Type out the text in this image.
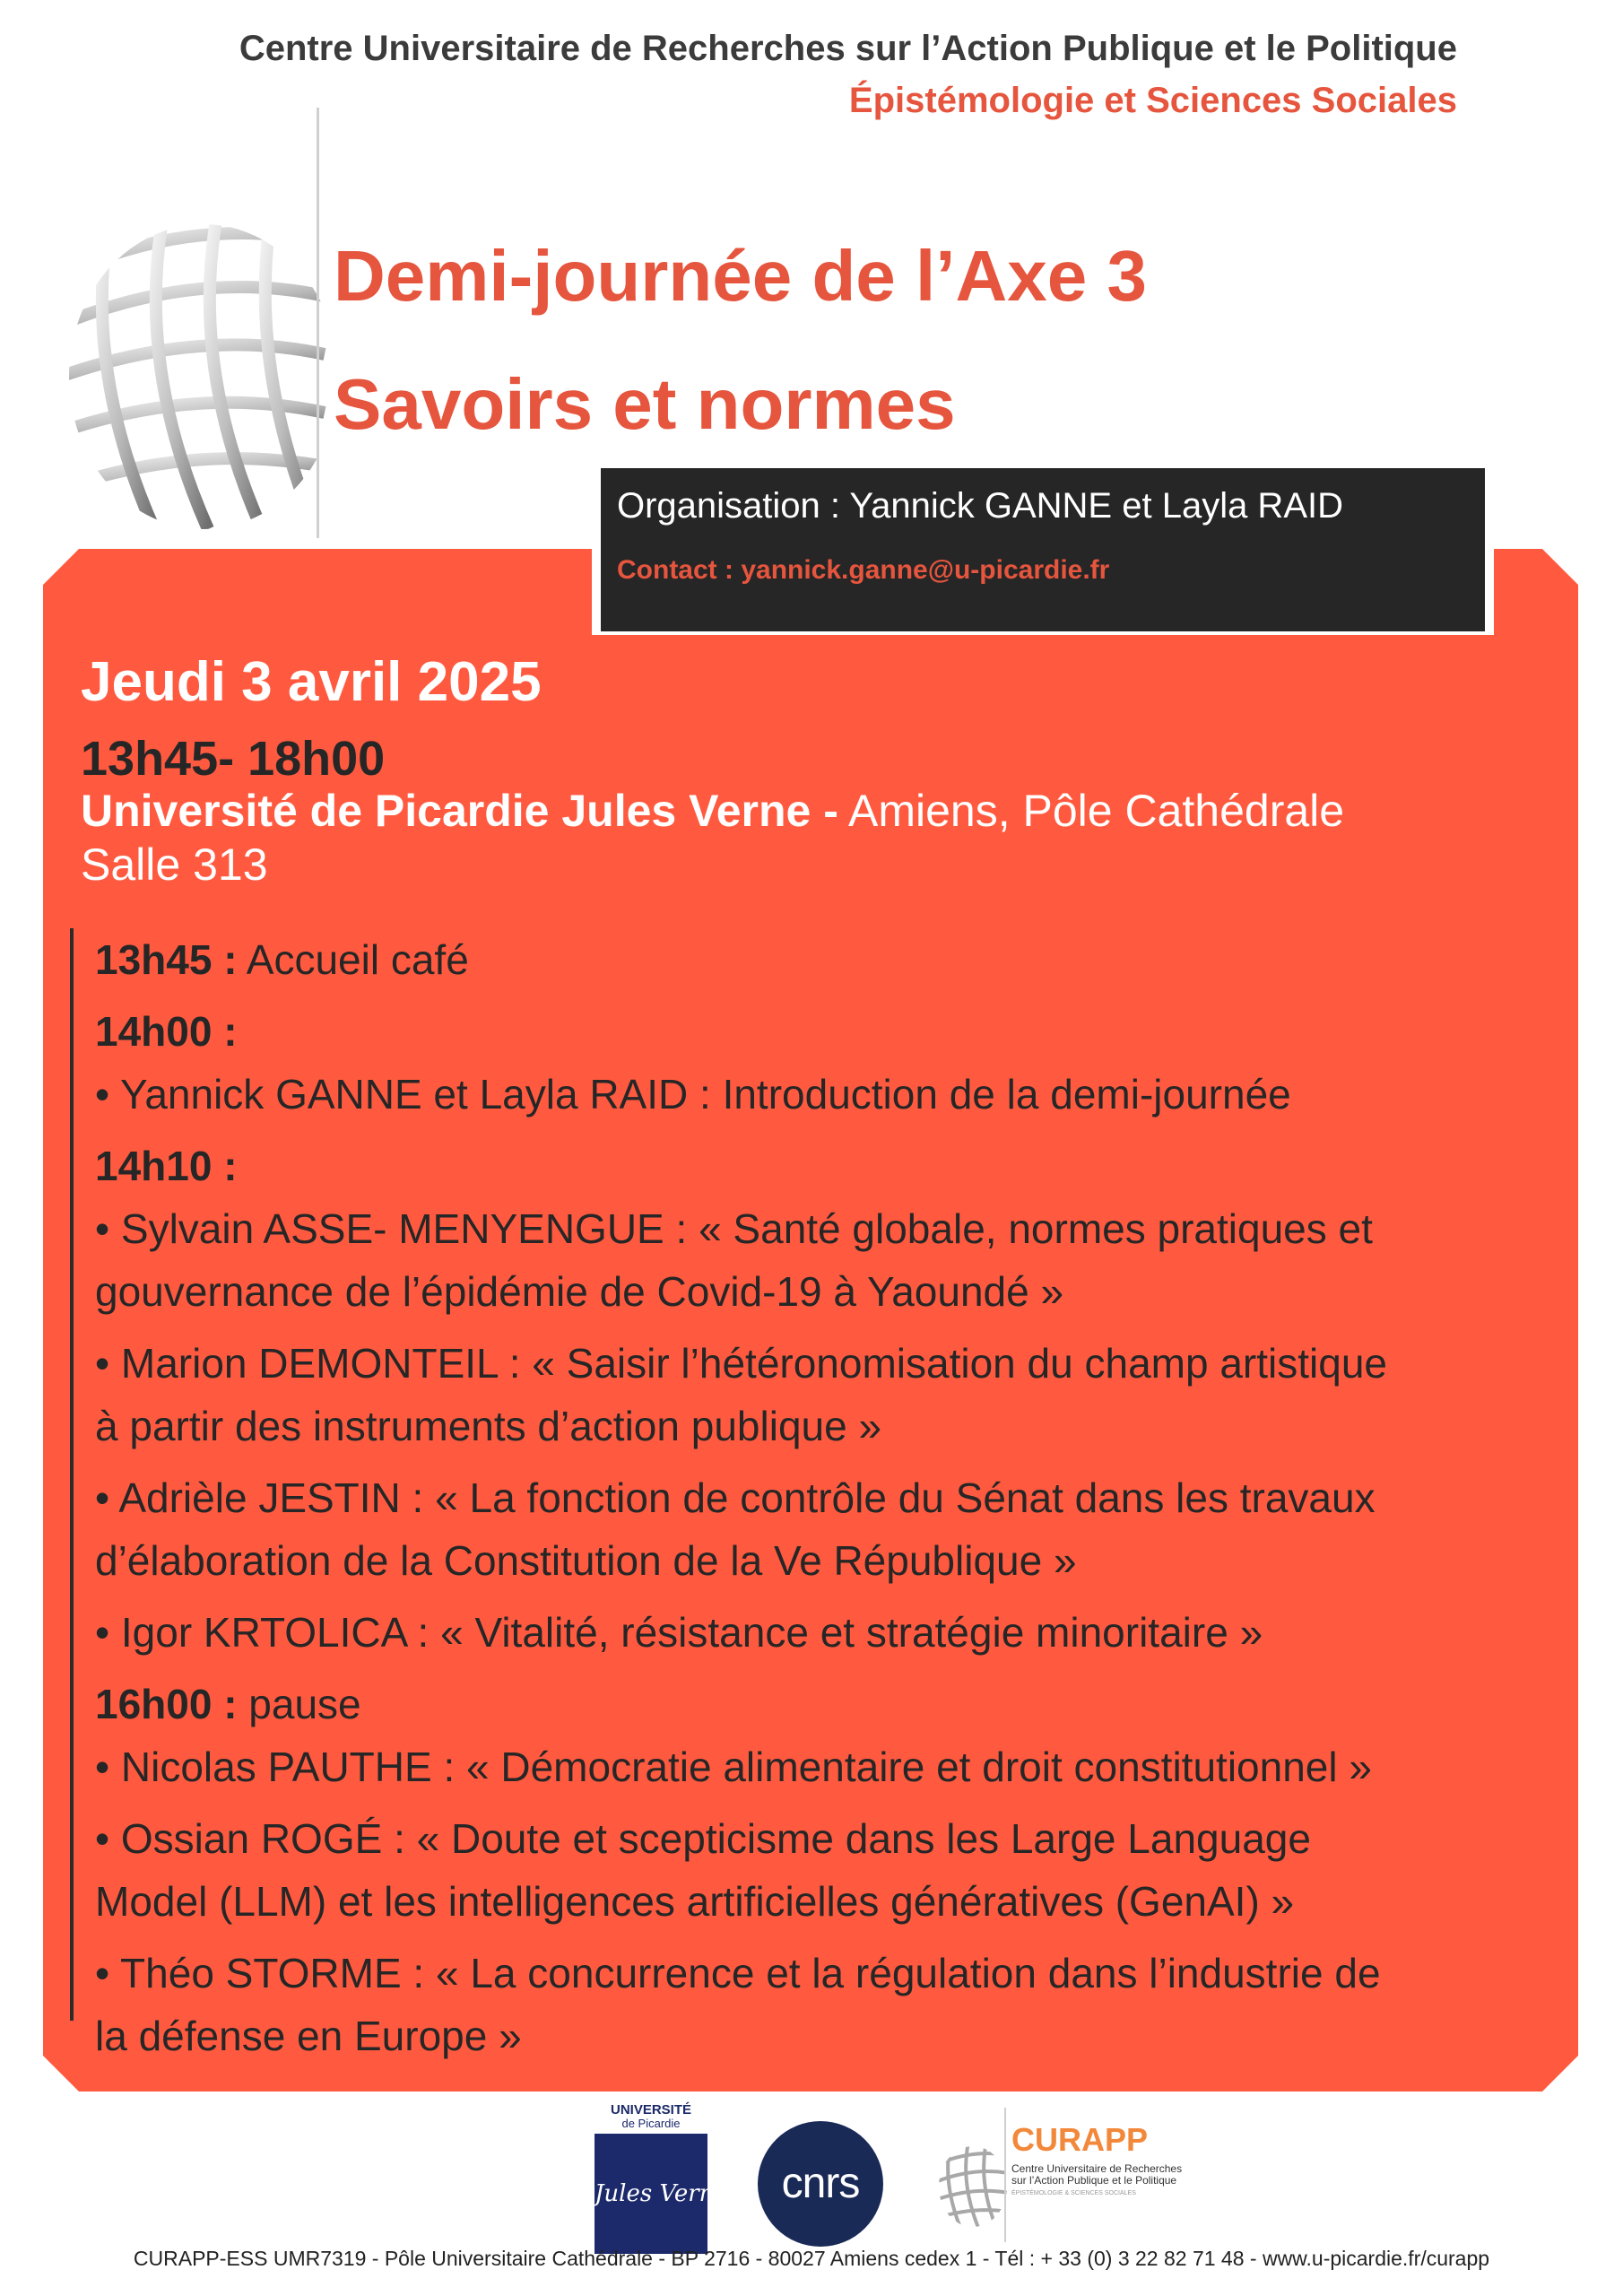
Centre Universitaire de Recherches sur l’Action Publique et le Politique
Épistémologie et Sciences Sociales
Demi-journée de l’Axe 3
Savoirs et normes
Organisation : Yannick GANNE et Layla RAID
Contact : yannick.ganne@u-picardie.fr
Jeudi 3 avril 2025
13h45- 18h00
Université de Picardie Jules Verne - Amiens, Pôle Cathédrale
Salle 313
13h45 : Accueil café
14h00 :
• Yannick GANNE et Layla RAID : Introduction de la demi-journée
14h10 :
• Sylvain ASSE- MENYENGUE : « Santé globale, normes pratiques et
gouvernance de l’épidémie de Covid-19 à Yaoundé »
• Marion DEMONTEIL : « Saisir l’hétéronomisation du champ artistique
à partir des instruments d’action publique »
• Adrièle JESTIN : « La fonction de contrôle du Sénat dans les travaux
d’élaboration de la Constitution de la Ve République »
• Igor KRTOLICA : « Vitalité, résistance et stratégie minoritaire »
16h00 : pause
• Nicolas PAUTHE : « Démocratie alimentaire et droit constitutionnel »
• Ossian ROGÉ : « Doute et scepticisme dans les Large Language
Model (LLM) et les intelligences artificielles génératives (GenAI) »
• Théo STORME : « La concurrence et la régulation dans l’industrie de
la défense en Europe »
UNIVERSITÉ
de Picardie
Jules Verne	cnrs
CURAPP
Centre Universitaire de Recherches
sur l’Action Publique et le Politique
ÉPISTÉMOLOGIE & SCIENCES SOCIALES
CURAPP-ESS UMR7319 - Pôle Universitaire Cathédrale - BP 2716 - 80027 Amiens cedex 1 - Tél : + 33 (0) 3 22 82 71 48 - www.u-picardie.fr/curapp
